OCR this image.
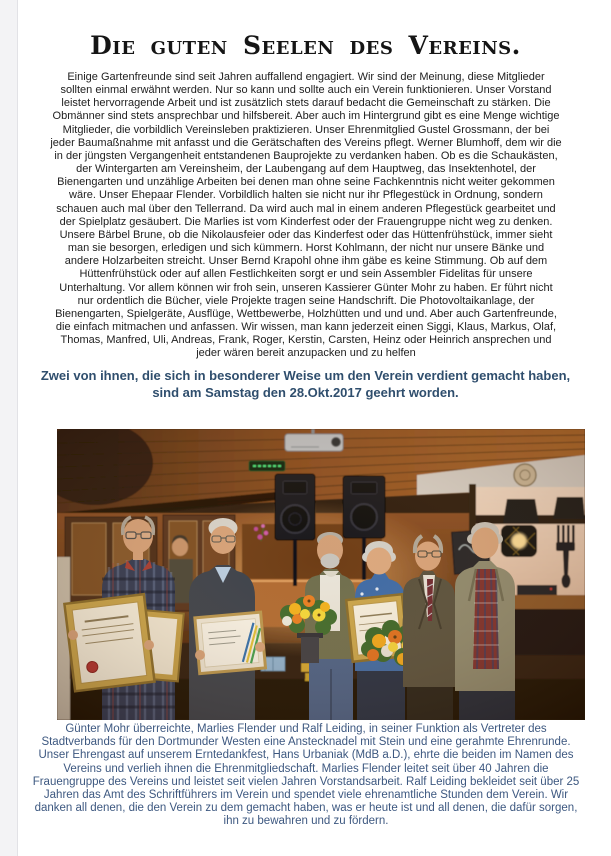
Die guten Seelen des Vereins.

Einige Gartenfreunde sind seit Jahren auffallend engagiert. Wir sind der Meinung, diese Mitglieder sollten einmal erwähnt werden. Nur so kann und sollte auch ein Verein funktionieren. Unser Vorstand leistet hervorragende Arbeit und ist zusätzlich stets darauf bedacht die Gemeinschaft zu stärken. Die Obmänner sind stets ansprechbar und hilfsbereit. Aber auch im Hintergrund gibt es eine Menge wichtige Mitglieder, die vorbildlich Vereinsleben praktizieren. Unser Ehrenmitglied Gustel Grossmann, der bei jeder Baumaßnahme mit anfasst und die Gerätschaften des Vereins pflegt. Werner Blumhoff, dem wir die in der jüngsten Vergangenheit entstandenen Bauprojekte zu verdanken haben. Ob es die Schaukästen, der Wintergarten am Vereinsheim, der Laubengang auf dem Hauptweg, das Insektenhotel, der Bienengarten und unzählige Arbeiten bei denen man ohne seine Fachkenntnis nicht weiter gekommen wäre. Unser Ehepaar Flender. Vorbildlich halten sie nicht nur ihr Pflegestück in Ordnung, sondern schauen auch mal über den Tellerrand. Da wird auch mal in einem anderen Pflegestück gearbeitet und der Spielplatz gesäubert. Die Marlies ist vom Kinderfest oder der Frauengruppe nicht weg zu denken. Unsere Bärbel Brune, ob die Nikolausfeier oder das Kinderfest oder das Hüttenfrühstück, immer sieht man sie besorgen, erledigen und sich kümmern. Horst Kohlmann, der nicht nur unsere Bänke und andere Holzarbeiten streicht. Unser Bernd Krapohl ohne ihm gäbe es keine Stimmung. Ob auf dem Hüttenfrühstück oder auf allen Festlichkeiten sorgt er und sein Assembler Fidelitas für unsere Unterhaltung. Vor allem können wir froh sein, unseren Kassierer Günter Mohr zu haben. Er führt nicht nur ordentlich die Bücher, viele Projekte tragen seine Handschrift. Die Photovoltaikanlage, der Bienengarten, Spielgeräte, Ausflüge, Wettbewerbe, Holzhütten und und und. Aber auch Gartenfreunde, die einfach mitmachen und anfassen. Wir wissen, man kann jederzeit einen Siggi, Klaus, Markus, Olaf, Thomas, Manfred, Uli, Andreas, Frank, Roger, Kerstin, Carsten, Heinz oder Heinrich ansprechen und jeder wären bereit anzupacken und zu helfen

Zwei von ihnen, die sich in besonderer Weise um den Verein verdient gemacht haben,
sind am Samstag den 28.Okt.2017 geehrt worden.

Günter Mohr überreichte, Marlies Flender und Ralf Leiding, in seiner Funktion als Vertreter des Stadtverbands für den Dortmunder Westen eine Anstecknadel mit Stein und eine gerahmte Ehrenrunde. Unser Ehrengast auf unserem Erntedankfest, Hans Urbaniak (MdB a.D.), ehrte die beiden im Namen des Vereins und verlieh ihnen die Ehrenmitgliedschaft. Marlies Flender leitet seit über 40 Jahren die Frauengruppe des Vereins und leistet seit vielen Jahren Vorstandsarbeit. Ralf Leiding bekleidet seit über 25 Jahren das Amt des Schriftführers im Verein und spendet viele ehrenamtliche Stunden dem Verein. Wir danken all denen, die den Verein zu dem gemacht haben, was er heute ist und all denen, die dafür sorgen, ihn zu bewahren und zu fördern.
